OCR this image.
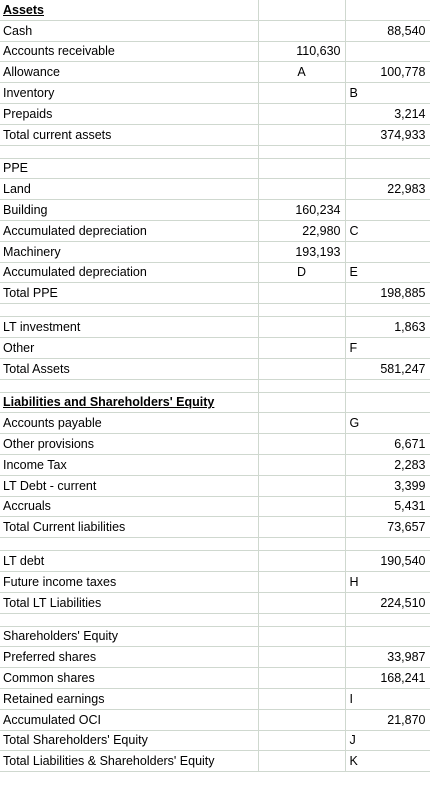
Assets		
Cash		88,540
Accounts receivable	110,630	
Allowance	A	100,778
Inventory		B
Prepaids		3,214
Total current assets		374,933

PPE		
Land		22,983
Building	160,234	
Accumulated depreciation	22,980	C
Machinery	193,193	
Accumulated depreciation	D	E
Total PPE		198,885

LT investment		1,863
Other		F
Total Assets		581,247

Liabilities and Shareholders' Equity		
Accounts payable		G
Other provisions		6,671
Income Tax		2,283
LT Debt - current		3,399
Accruals		5,431
Total Current liabilities		73,657

LT debt		190,540
Future income taxes		H
Total LT Liabilities		224,510

Shareholders' Equity		
Preferred shares		33,987
Common shares		168,241
Retained earnings		I
Accumulated OCI		21,870
Total Shareholders' Equity		J
Total Liabilities & Shareholders' Equity		K
